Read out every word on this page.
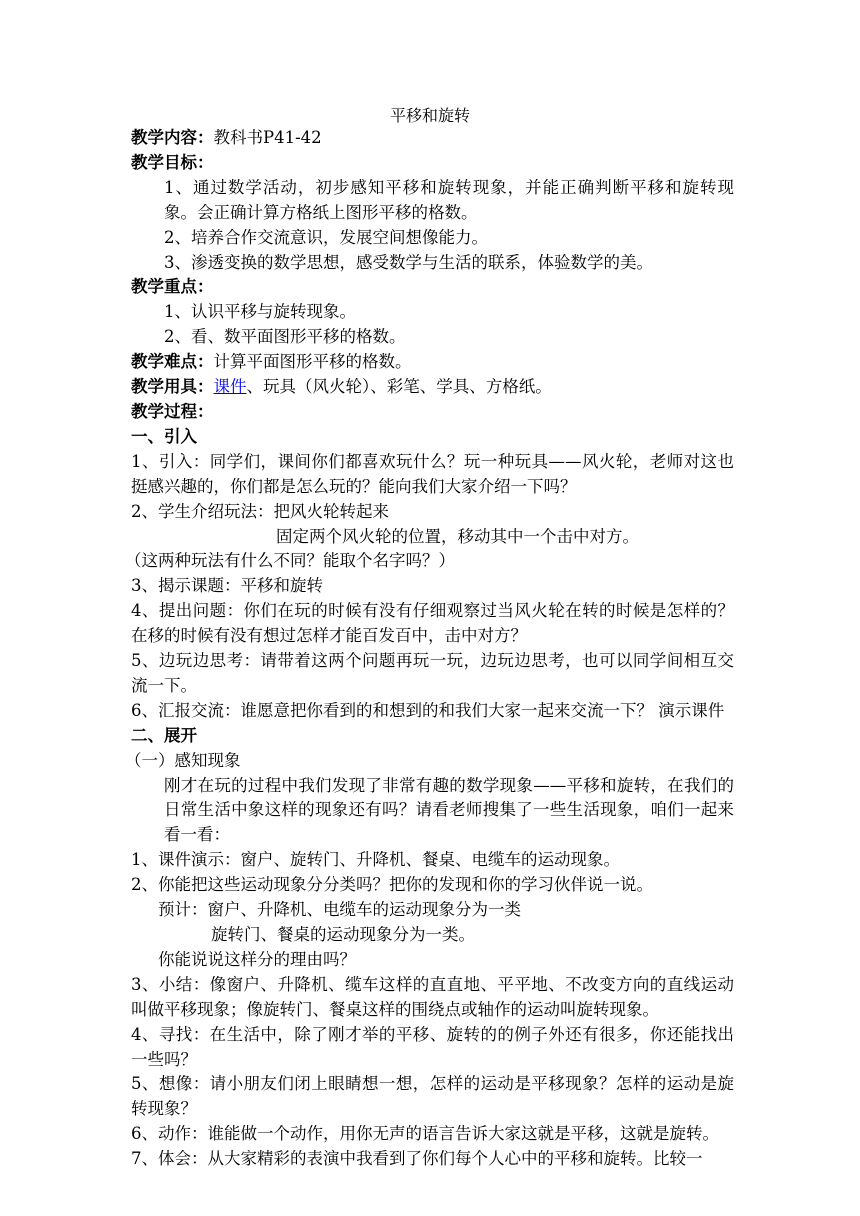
平移和旋转

教学内容：教科书P41-42

教学目标：

1、通过数学活动，初步感知平移和旋转现象，并能正确判断平移和旋转现象。会正确计算方格纸上图形平移的格数。

2、培养合作交流意识，发展空间想像能力。

3、渗透变换的数学思想，感受数学与生活的联系，体验数学的美。

教学重点：

1、认识平移与旋转现象。

2、看、数平面图形平移的格数。

教学难点：计算平面图形平移的格数。

教学用具：课件、玩具（风火轮）、彩笔、学具、方格纸。

教学过程：

一、引入

1、引入：同学们，课间你们都喜欢玩什么？玩一种玩具——风火轮，老师对这也挺感兴趣的，你们都是怎么玩的？能向我们大家介绍一下吗？

2、学生介绍玩法：把风火轮转起来

固定两个风火轮的位置，移动其中一个击中对方。

（这两种玩法有什么不同？能取个名字吗？）

3、揭示课题：平移和旋转

4、提出问题：你们在玩的时候有没有仔细观察过当风火轮在转的时候是怎样的？在移的时候有没有想过怎样才能百发百中，击中对方？

5、边玩边思考：请带着这两个问题再玩一玩，边玩边思考，也可以同学间相互交流一下。

6、汇报交流：谁愿意把你看到的和想到的和我们大家一起来交流一下？ 演示课件

二、展开

（一）感知现象

刚才在玩的过程中我们发现了非常有趣的数学现象——平移和旋转，在我们的日常生活中象这样的现象还有吗？请看老师搜集了一些生活现象，咱们一起来看一看：

1、课件演示：窗户、旋转门、升降机、餐桌、电缆车的运动现象。

2、你能把这些运动现象分分类吗？把你的发现和你的学习伙伴说一说。

预计：窗户、升降机、电缆车的运动现象分为一类

旋转门、餐桌的运动现象分为一类。

你能说说这样分的理由吗？

3、小结：像窗户、升降机、缆车这样的直直地、平平地、不改变方向的直线运动叫做平移现象；像旋转门、餐桌这样的围绕点或轴作的运动叫旋转现象。

4、寻找：在生活中，除了刚才举的平移、旋转的的例子外还有很多，你还能找出一些吗？

5、想像：请小朋友们闭上眼睛想一想，怎样的运动是平移现象？怎样的运动是旋转现象？

6、动作：谁能做一个动作，用你无声的语言告诉大家这就是平移，这就是旋转。

7、体会：从大家精彩的表演中我看到了你们每个人心中的平移和旋转。比较一
